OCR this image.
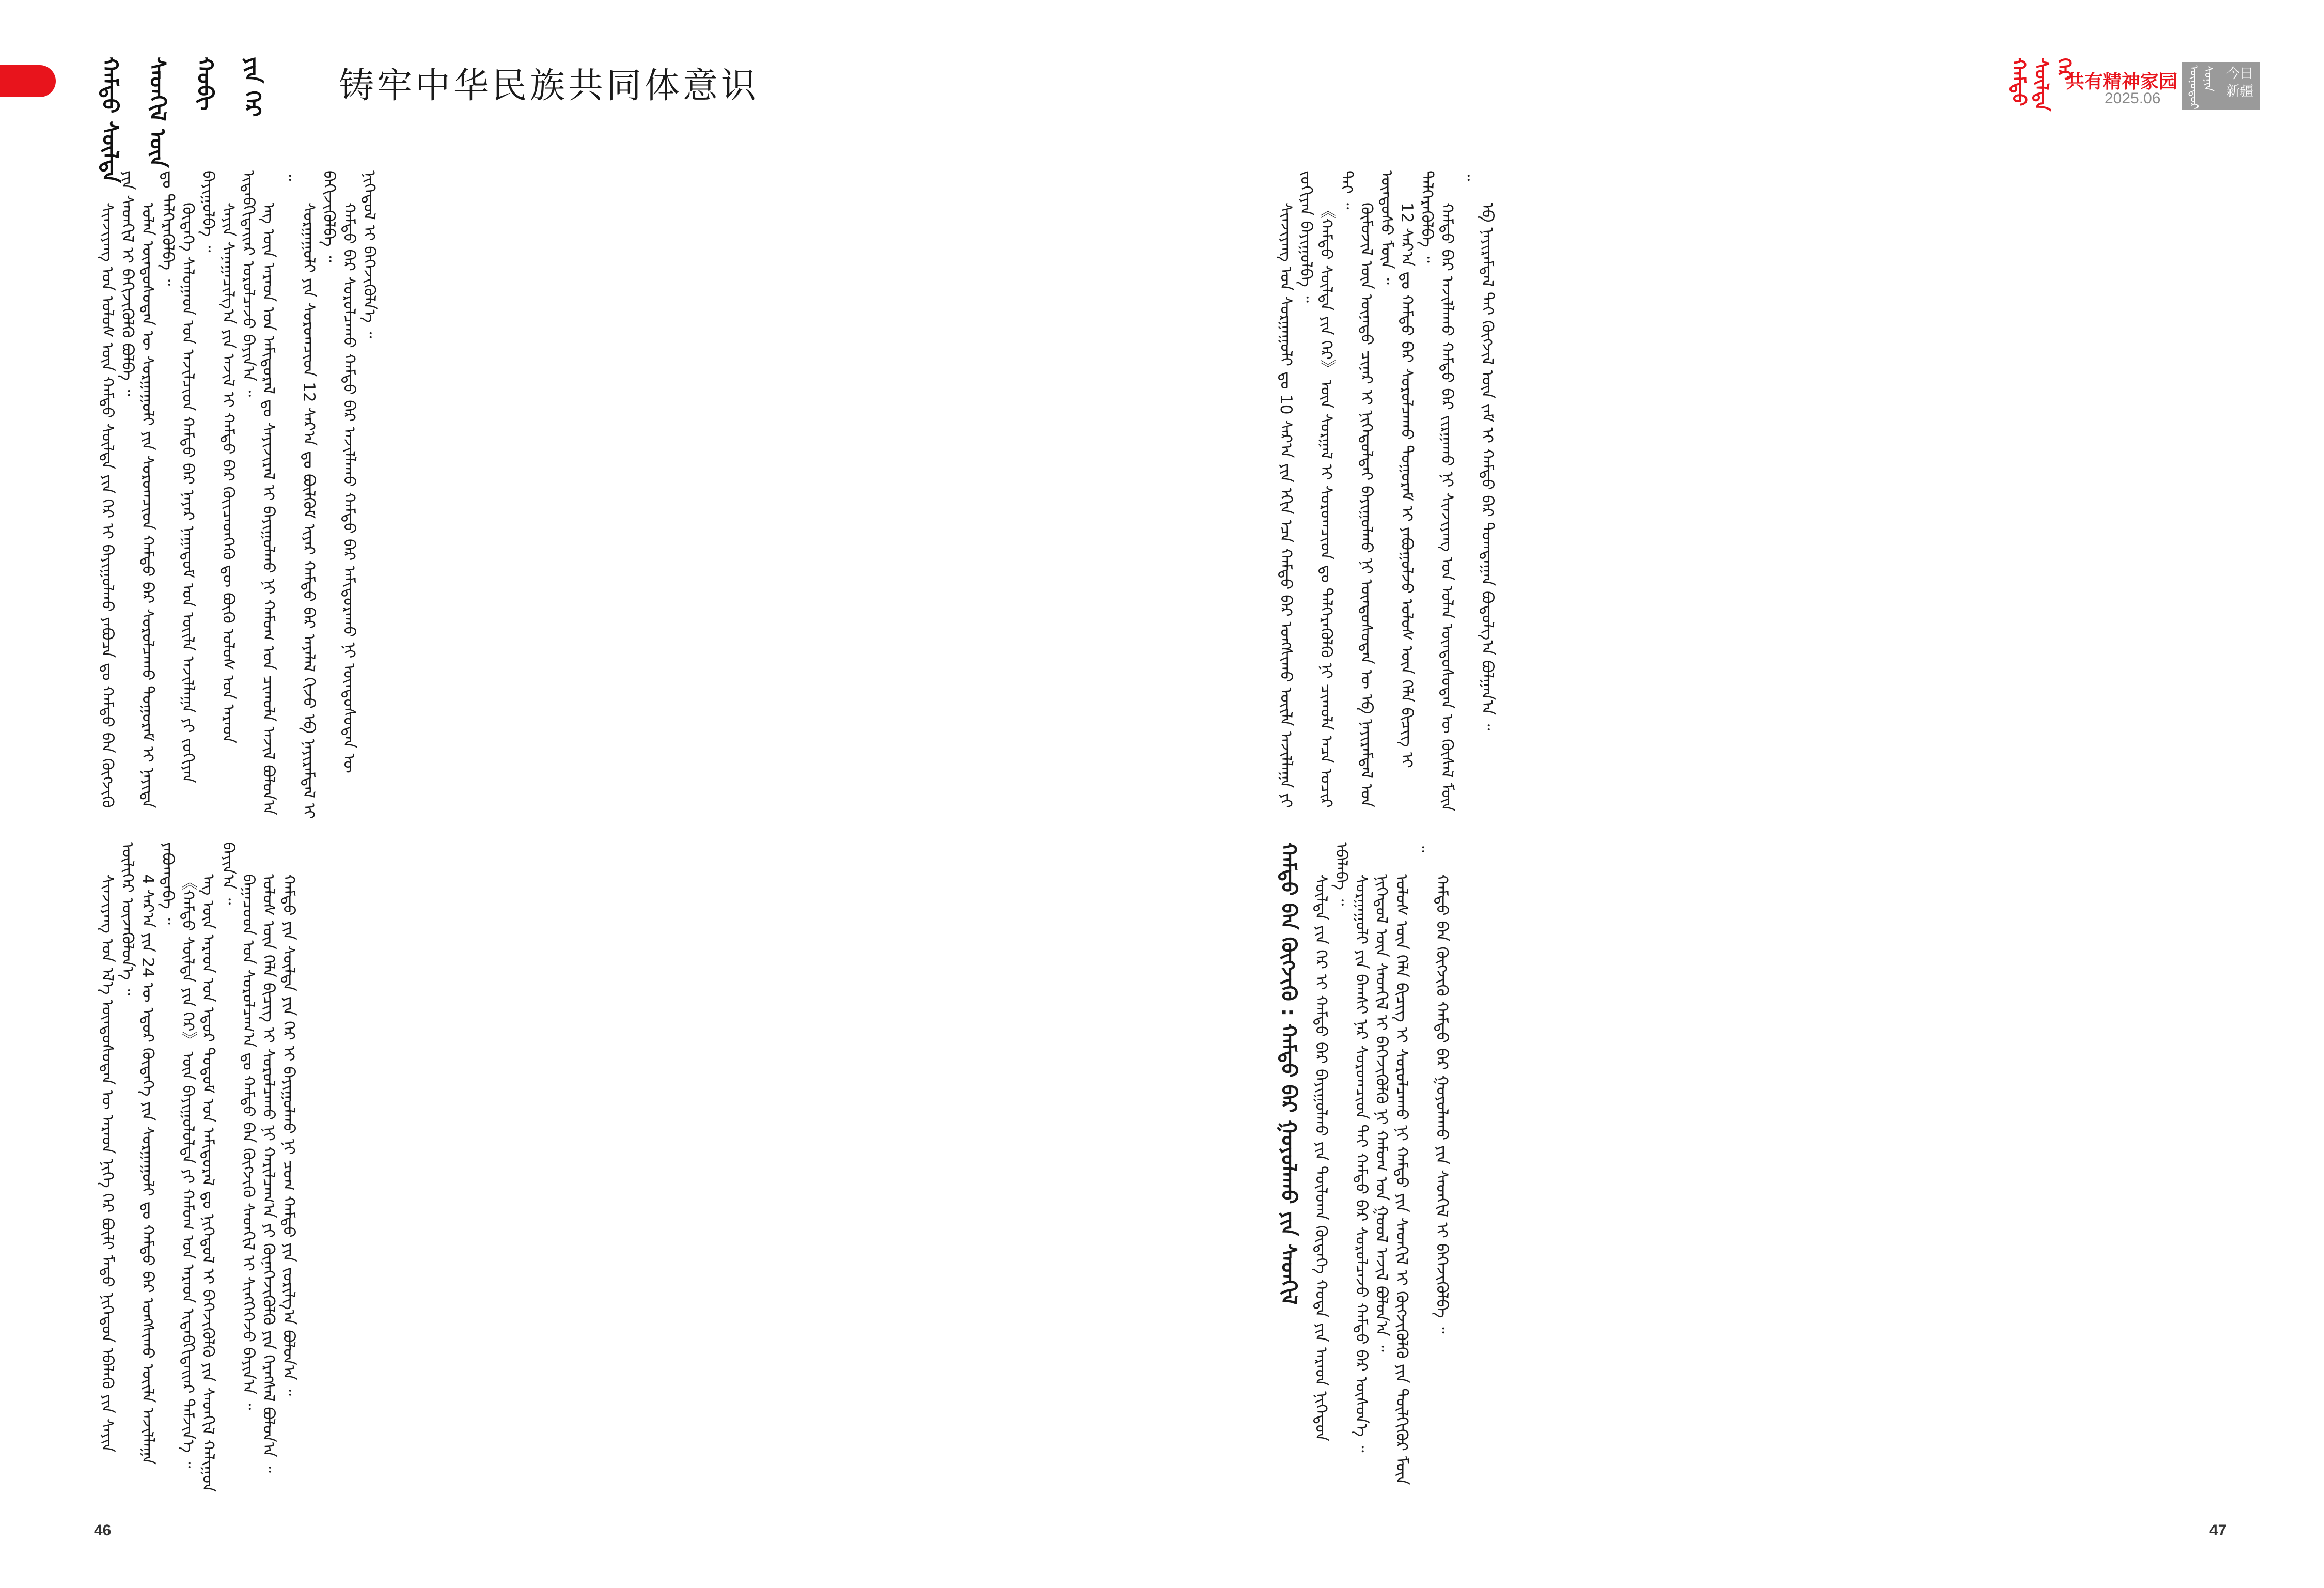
ᠬᠠᠮᠲᠤ ᠰᠦᠯᠳᠡ ᠰᠡᠳᠬᠢᠯ ᠦᠨ ᠬᠤᠪᠢ ᠶᠢᠨ ᠭᠡᠷ 铸牢中华民族共同体意识	ᠬᠠᠮᠲᠤ ᠰᠦᠯᠳᠡ ᠭᠡᠷ
共有精神家园
2025.06 ᠥᠨᠥᠳᠦᠷ ᠰᠣᠨᠢᠨ 今日新疆

ᠰᠢᠨᠵᠢᠶᠠᠩ ᠤᠨ ᠤᠯᠤᠰ ᠦᠨ ᠬᠠᠮᠲᠤ ᠰᠦᠯᠳᠡ ᠶᠢᠨ ᠭᠡᠷ ᠢ ᠪᠠᠶᠢᠭᠤᠯᠬᠤ ᠶᠠᠪᠤᠴᠠ ᠳᠤ ᠬᠠᠮᠲᠤ ᠪᠡᠨ ᠬᠥᠭᠵᠢᠬᠦ ᠶᠢᠨ ᠰᠡᠳᠬᠢᠯ ᠢ ᠪᠡᠬᠢᠵᠢᠭᠦᠯᠬᠦ ᠪᠣᠯᠪᠠ ᠃ ᠣᠯᠠᠨ ᠦᠨᠳᠦᠰᠦᠲᠡᠨ ᠦ ᠰᠤᠷᠭᠠᠭᠤᠯᠢ ᠶᠢᠨ ᠰᠤᠷᠤᠭᠴᠢᠳ ᠬᠠᠮᠲᠤ ᠪᠡᠷ ᠰᠤᠷᠤᠯᠴᠠᠬᠤ ᠲᠤᠭᠤᠷᠠᠮ ᠢ ᠨᠡᠶᠢᠲᠡ ᠳᠤ ᠳᠡᠯᠭᠡᠷᠡᠭᠦᠯᠪᠡ ᠃ ᠬᠥᠳᠡᠭᠡ ᠰᠠᠯᠤᠭᠠᠳ ᠤᠨ ᠠᠵᠢᠯᠴᠢᠳ ᠬᠠᠮᠲᠤ ᠪᠡᠷ ᠨᠠᠶᠠᠷ ᠨᠠᠭᠠᠳᠤᠮ ᠤᠨ ᠦᠢᠯᠡ ᠠᠵᠢᠯᠯᠠᠭᠠ ᠶᠢ ᠵᠣᠬᠢᠶᠠᠨ ᠪᠠᠶᠢᠭᠤᠯᠪᠠ ᠃ ᠰᠠᠶᠢᠨ ᠰᠠᠨᠠᠭᠠᠴᠢᠯᠭ᠎ᠠ ᠶᠢᠨ ᠠᠵᠢᠯ ᠢ ᠬᠠᠮᠲᠤ ᠪᠡᠷ ᠭᠦᠢᠴᠡᠳᠬᠡᠬᠦ ᠳᠦ ᠪᠦᠬᠦ ᠤᠯᠤᠰ ᠤᠨ ᠠᠷᠠᠳ ᠢᠳᠡᠪᠬᠢᠲᠡᠶ᠌ᠡᠷ ᠣᠷᠣᠯᠴᠠᠵᠤ ᠪᠠᠶᠢᠨ᠎ᠠ ᠃ ᠡᠩ ᠦᠨ ᠠᠷᠠᠳ ᠤᠨ ᠠᠮᠢᠳᠤᠷᠠᠯ ᠳᠤ ᠰᠠᠶᠢᠵᠢᠷᠠᠯ ᠢ ᠪᠠᠶᠢᠭᠤᠯᠬᠤ ᠨᠢ ᠬᠠᠮᠤᠭ ᠤᠨ ᠴᠢᠬᠤᠯᠠ ᠠᠵᠢᠯ ᠪᠣᠯᠤᠨ᠎ᠠ ᠃

ᠰᠤᠷᠭᠠᠭᠤᠯᠢ ᠶᠢᠨ ᠰᠤᠷᠤᠭᠴᠢᠳ 12 ᠰᠠᠷ᠎ᠠ ᠳᠤ ᠪᠦᠯᠬᠦᠮ ᠢᠶᠡᠷ ᠬᠠᠮᠲᠤ ᠪᠡᠷ ᠠᠶᠠᠯᠠᠯ ᠬᠢᠵᠦ ᠡᠪ ᠨᠠᠶᠢᠷᠠᠮᠳᠠᠯ ᠢ ᠪᠡᠬᠢᠵᠢᠭᠦᠯᠪᠡ ᠃ ᠬᠠᠮᠲᠤ ᠪᠡᠷ ᠰᠤᠷᠤᠯᠴᠠᠬᠤ ᠬᠠᠮᠲᠤ ᠪᠡᠷ ᠠᠵᠢᠯᠯᠠᠬᠤ ᠬᠠᠮᠲᠤ ᠪᠡᠷ ᠠᠮᠢᠳᠤᠷᠠᠬᠤ ᠨᠢ ᠦᠨᠳᠦᠰᠦᠲᠡᠨ ᠦ ᠨᠢᠭᠡᠳᠦᠯ ᠢ ᠪᠡᠬᠡᠵᠢᠭᠦᠯᠨ᠎ᠡ ᠃

ᠰᠢᠨᠵᠢᠶᠠᠩ ᠤᠨ ᠡᠯ᠎ᠡ ᠦᠨᠳᠦᠰᠦᠲᠡᠨ ᠦ ᠠᠷᠠᠳ ᠨᠢᠭᠡ ᠭᠡᠷ ᠪᠦᠯᠢ ᠮᠡᠲᠦ ᠨᠢᠭᠡᠳᠦᠨ ᠡᠪᠡᠯᠡᠬᠦ ᠶᠢᠨ ᠰᠠᠶᠢᠨ ᠦᠯᠢᠭᠡᠷ ᠦᠵᠡᠬᠦᠯᠦᠨ᠎ᠡ ᠃ 4 ᠰᠠᠷ᠎ᠠ ᠶᠢᠨ 24 ᠦ ᠡᠳᠦᠷ ᠬᠥᠳᠡᠭᠡ ᠶᠢᠨ ᠰᠤᠷᠭᠠᠭᠤᠯᠢ ᠳᠤ ᠬᠠᠮᠲᠤ ᠪᠡᠷ ᠤᠩᠰᠢᠬᠤ ᠦᠢᠯᠡ ᠠᠵᠢᠯᠯᠠᠭᠠ ᠶᠠᠪᠤᠭᠳᠠᠪᠠ ᠃ 《ᠬᠠᠮᠲᠤ ᠰᠦᠯᠳᠡ ᠶᠢᠨ ᠭᠡᠷ》 ᠦᠨ ᠪᠠᠶᠢᠭᠤᠯᠤᠯᠲᠠ ᠶᠢ ᠬᠠᠮᠤᠭ ᠤᠨ ᠠᠷᠠᠳ ᠢᠳᠡᠪᠬᠢᠲᠡᠶ᠌ᠡᠷ ᠳᠡᠮᠵᠢᠨ᠎ᠡ ᠃ ᠡᠩ ᠦᠨ ᠠᠷᠠᠳ ᠤᠨ ᠡᠳᠦᠷ ᠲᠤᠲᠤᠮ ᠤᠨ ᠠᠮᠢᠳᠤᠷᠠᠯ ᠳᠤ ᠨᠢᠭᠡᠳᠦᠯ ᠢ ᠪᠡᠬᠡᠵᠢᠭᠦᠯᠬᠦ ᠶᠢᠨ ᠰᠡᠳᠬᠢᠯ ᠬᠠᠯᠢᠭᠤᠨ ᠪᠠᠶᠢᠨ᠎ᠠ ᠃

ᠪᠠᠭᠠᠴᠤᠳ ᠤᠨ ᠰᠤᠷᠤᠯᠴᠠᠭ᠎ᠠ ᠳᠤ ᠬᠠᠮᠲᠤ ᠪᠡᠨ ᠬᠥᠭᠵᠢᠬᠦ ᠰᠡᠳᠬᠢᠯ ᠢ ᠰᠢᠩᠭᠡᠭᠡᠵᠦ ᠪᠠᠶᠢᠨ᠎ᠠ ᠃ ᠤᠯᠤᠰ ᠦᠨ ᠬᠡᠯᠡ ᠪᠢᠴᠢᠭ ᠢ ᠰᠤᠷᠤᠯᠴᠠᠬᠤ ᠨᠢ ᠬᠠᠷᠢᠯᠴᠠᠭ᠎ᠠ ᠶᠢ ᠭᠦᠨᠡᠭᠡᠵᠢᠭᠦᠯᠬᠦ ᠶᠢᠨ ᠬᠡᠷᠡᠭᠰᠡᠯ ᠪᠣᠯᠤᠨ᠎ᠠ ᠃ ᠬᠠᠮᠲᠤ ᠶᠢᠨ ᠰᠦᠯᠳᠡ ᠶᠢᠨ ᠭᠡᠷ ᠢ ᠪᠠᠶᠢᠭᠤᠯᠬᠤ ᠨᠢ ᠴᠤᠭ ᠬᠠᠮᠲᠤ ᠶᠢᠨ ᠵᠣᠷᠢᠯᠭ᠎ᠠ ᠪᠣᠯᠤᠨ᠎ᠠ ᠃

ᠰᠢᠨᠵᠢᠶᠠᠩ ᠤᠨ ᠰᠤᠷᠭᠠᠭᠤᠯᠢ ᠳᠤ 10 ᠰᠠᠷ᠎ᠠ ᠶᠢᠨ ᠡᠬᠢᠨ ᠡᠴᠡ ᠬᠠᠮᠲᠤ ᠪᠡᠷ ᠤᠩᠰᠢᠬᠤ ᠦᠢᠯᠡ ᠠᠵᠢᠯᠯᠠᠭᠠ ᠶᠢ ᠵᠣᠬᠢᠶᠠᠨ ᠪᠠᠶᠢᠭᠤᠯᠪᠠ ᠃ 《ᠬᠠᠮᠲᠤ ᠰᠦᠯᠳᠡ ᠶᠢᠨ ᠭᠡᠷ》 ᠦᠨ ᠰᠤᠷᠭᠠᠯ ᠢ ᠰᠤᠷᠤᠭᠴᠢᠳ ᠳᠤ ᠳᠡᠯᠭᠡᠷᠡᠭᠦᠯᠬᠦ ᠨᠢ ᠴᠢᠬᠤᠯᠠ ᠠᠴᠠ ᠤᠴᠢᠷ ᠲᠠᠶ ᠃

ᠬᠦᠮᠦᠵᠢᠯ ᠦᠨ ᠦᠨᠡᠲᠦ ᠴᠢᠨᠠᠷ ᠢ ᠨᠢᠭᠡᠳᠦᠯᠲᠡᠶ ᠪᠠᠶᠢᠭᠤᠯᠬᠤ ᠨᠢ ᠦᠨᠳᠦᠰᠦᠲᠡᠨ ᠦ ᠡᠪ ᠨᠠᠶᠢᠷᠠᠮᠳᠠᠯ ᠤᠨ ᠦᠨᠳᠦᠰᠦ ᠮᠦᠨ ᠃ 12 ᠰᠠᠷ᠎ᠠ ᠳᠤ ᠬᠠᠮᠲᠤ ᠪᠡᠷ ᠰᠤᠷᠤᠯᠴᠠᠬᠤ ᠲᠤᠭᠤᠷᠠᠮ ᠢ ᠶᠠᠪᠤᠭᠤᠯᠵᠤ ᠤᠯᠤᠰ ᠦᠨ ᠬᠡᠯᠡ ᠪᠢᠴᠢᠭ ᠢ ᠳᠡᠯᠭᠡᠷᠡᠭᠦᠯᠪᠡ ᠃ ᠬᠠᠮᠲᠤ ᠪᠡᠷ ᠠᠵᠢᠯᠯᠠᠬᠤ ᠬᠠᠮᠲᠤ ᠪᠡᠷ ᠵᠢᠷᠭᠠᠬᠤ ᠨᠢ ᠰᠢᠨᠵᠢᠶᠠᠩ ᠤᠨ ᠣᠯᠠᠨ ᠦᠨᠳᠦᠰᠦᠲᠡᠨ ᠦ ᠬᠦᠰᠡᠯ ᠮᠥᠨ ᠃

ᠡᠪ ᠨᠠᠶᠢᠷᠠᠮᠳᠠᠯ ᠲᠠᠶ ᠬᠥᠭᠵᠢᠯ ᠦᠨ ᠵᠠᠮ ᠢ ᠬᠠᠮᠲᠤ ᠪᠡᠷ ᠲᠣᠭᠲᠠᠭᠠᠨ ᠪᠣᠳᠤᠯᠭ᠎ᠠ ᠪᠣᠯᠭᠠᠨ᠎ᠠ ᠃

ᠬᠠᠮᠲᠤ ᠪᠡᠨ ᠬᠥᠭᠵᠢᠬᠦ : ᠬᠠᠮᠲᠤ ᠪᠡᠷ ᠭᠤᠶᠤᠯᠠᠬᠤ ᠶᠢᠨ ᠰᠡᠳᠬᠢᠯ ᠰᠦᠯᠳᠡ ᠶᠢᠨ ᠭᠡᠷ ᠢ ᠬᠠᠮᠲᠤ ᠪᠡᠷ ᠪᠠᠶᠢᠭᠤᠯᠬᠤ ᠶᠢᠨ ᠲᠥᠯᠥᠭ᠍ᠡ ᠬᠥᠳᠡᠭᠡ ᠬᠣᠲᠠ ᠶᠢᠨ ᠠᠷᠠᠳ ᠨᠢᠭᠡᠳᠦᠨ ᠡᠪᠡᠯᠡᠪᠡ ᠃

ᠰᠤᠷᠭᠠᠭᠤᠯᠢ ᠶᠢᠨ ᠪᠠᠭᠰᠢ ᠨᠠᠷ ᠰᠤᠷᠤᠭᠴᠢᠳ ᠲᠠᠶ ᠬᠠᠮᠲᠤ ᠪᠡᠷ ᠰᠤᠷᠤᠯᠴᠠᠵᠤ ᠬᠠᠮᠲᠤ ᠪᠡᠷ ᠥᠰᠦᠨ᠎ᠡ ᠃ ᠨᠢᠭᠡᠳᠦᠯ ᠦᠨ ᠰᠡᠳᠬᠢᠯ ᠢ ᠪᠡᠬᠡᠵᠢᠭᠦᠯᠬᠦ ᠨᠢ ᠬᠠᠮᠤᠭ ᠤᠨ ᠭᠣᠣᠯ ᠠᠵᠢᠯ ᠪᠣᠯᠤᠨ᠎ᠠ ᠃ ᠤᠯᠤᠰ ᠦᠨ ᠬᠡᠯᠡ ᠪᠢᠴᠢᠭ ᠢ ᠰᠤᠷᠤᠯᠴᠠᠬᠤ ᠨᠢ ᠬᠠᠮᠲᠤ ᠶᠢᠨ ᠰᠡᠳᠬᠢᠯ ᠢ ᠬᠥᠭᠵᠢᠭᠦᠯᠬᠦ ᠶᠢᠨ ᠲᠦᠯᠬᠢᠭᠦᠷ ᠮᠥᠨ ᠃

ᠬᠠᠮᠲᠤ ᠪᠡᠨ ᠬᠥᠭᠵᠢᠬᠦ ᠬᠠᠮᠲᠤ ᠪᠡᠷ ᠭᠤᠶᠤᠯᠠᠬᠤ ᠶᠢᠨ ᠰᠡᠳᠬᠢᠯ ᠢ ᠪᠡᠬᠡᠵᠢᠭᠦᠯᠪᠡ ᠃

46	47
